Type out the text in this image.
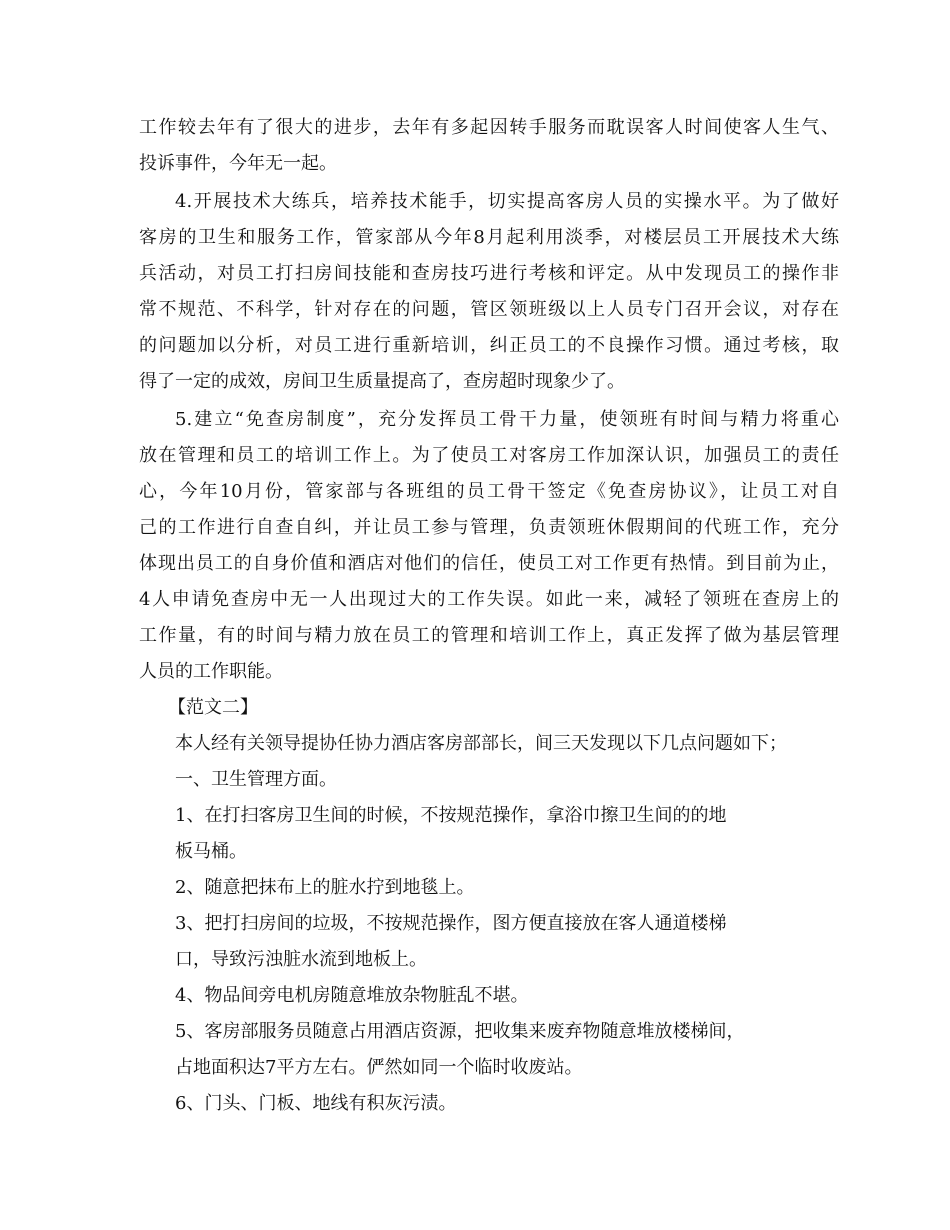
工作较去年有了很大的进步，去年有多起因转手服务而耽误客人时间使客人生气、
投诉事件，今年无一起。
4.开展技术大练兵，培养技术能手，切实提高客房人员的实操水平。为了做好
客房的卫生和服务工作，管家部从今年8月起利用淡季，对楼层员工开展技术大练
兵活动，对员工打扫房间技能和查房技巧进行考核和评定。从中发现员工的操作非
常不规范、不科学，针对存在的问题，管区领班级以上人员专门召开会议，对存在
的问题加以分析，对员工进行重新培训，纠正员工的不良操作习惯。通过考核，取
得了一定的成效，房间卫生质量提高了，查房超时现象少了。
5.建立“免查房制度”，充分发挥员工骨干力量，使领班有时间与精力将重心
放在管理和员工的培训工作上。为了使员工对客房工作加深认识，加强员工的责任
心，今年10月份，管家部与各班组的员工骨干签定《免查房协议》，让员工对自
己的工作进行自查自纠，并让员工参与管理，负责领班休假期间的代班工作，充分
体现出员工的自身价值和酒店对他们的信任，使员工对工作更有热情。到目前为止，
4人申请免查房中无一人出现过大的工作失误。如此一来，减轻了领班在查房上的
工作量，有的时间与精力放在员工的管理和培训工作上，真正发挥了做为基层管理
人员的工作职能。
【范文二】
本人经有关领导提协任协力酒店客房部部长，间三天发现以下几点问题如下；
一、卫生管理方面。
1、在打扫客房卫生间的时候，不按规范操作，拿浴巾擦卫生间的的地
板马桶。
2、随意把抹布上的脏水拧到地毯上。
3、把打扫房间的垃圾，不按规范操作，图方便直接放在客人通道楼梯
口，导致污浊脏水流到地板上。
4、物品间旁电机房随意堆放杂物脏乱不堪。
5、客房部服务员随意占用酒店资源，把收集来废弃物随意堆放楼梯间，
占地面积达7平方左右。俨然如同一个临时收废站。
6、门头、门板、地线有积灰污渍。
